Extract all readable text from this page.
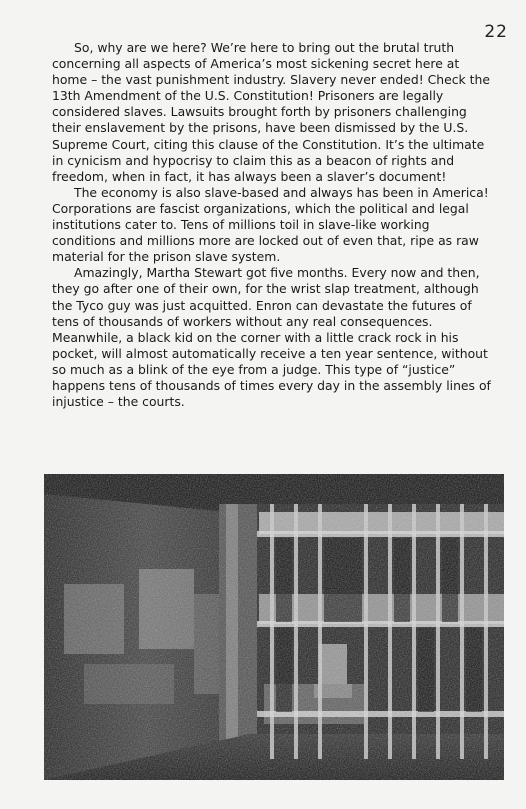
22

So, why are we here? We’re here to bring out the brutal truth concerning all aspects of America’s most sickening secret here at home – the vast punishment industry. Slavery never ended! Check the 13th Amendment of the U.S. Constitution! Prisoners are legally considered slaves. Lawsuits brought forth by prisoners challenging their enslavement by the prisons, have been dismissed by the U.S. Supreme Court, citing this clause of the Constitution. It’s the ultimate in cynicism and hypocrisy to claim this as a beacon of rights and freedom, when in fact, it has always been a slaver’s document!

The economy is also slave-based and always has been in America! Corporations are fascist organizations, which the political and legal institutions cater to. Tens of millions toil in slave-like working conditions and millions more are locked out of even that, ripe as raw material for the prison slave system.

Amazingly, Martha Stewart got five months. Every now and then, they go after one of their own, for the wrist slap treatment, although the Tyco guy was just acquitted. Enron can devastate the futures of tens of thousands of workers without any real consequences. Meanwhile, a black kid on the corner with a little crack rock in his pocket, will almost automatically receive a ten year sentence, without so much as a blink of the eye from a judge. This type of “justice” happens tens of thousands of times every day in the assembly lines of injustice – the courts.
